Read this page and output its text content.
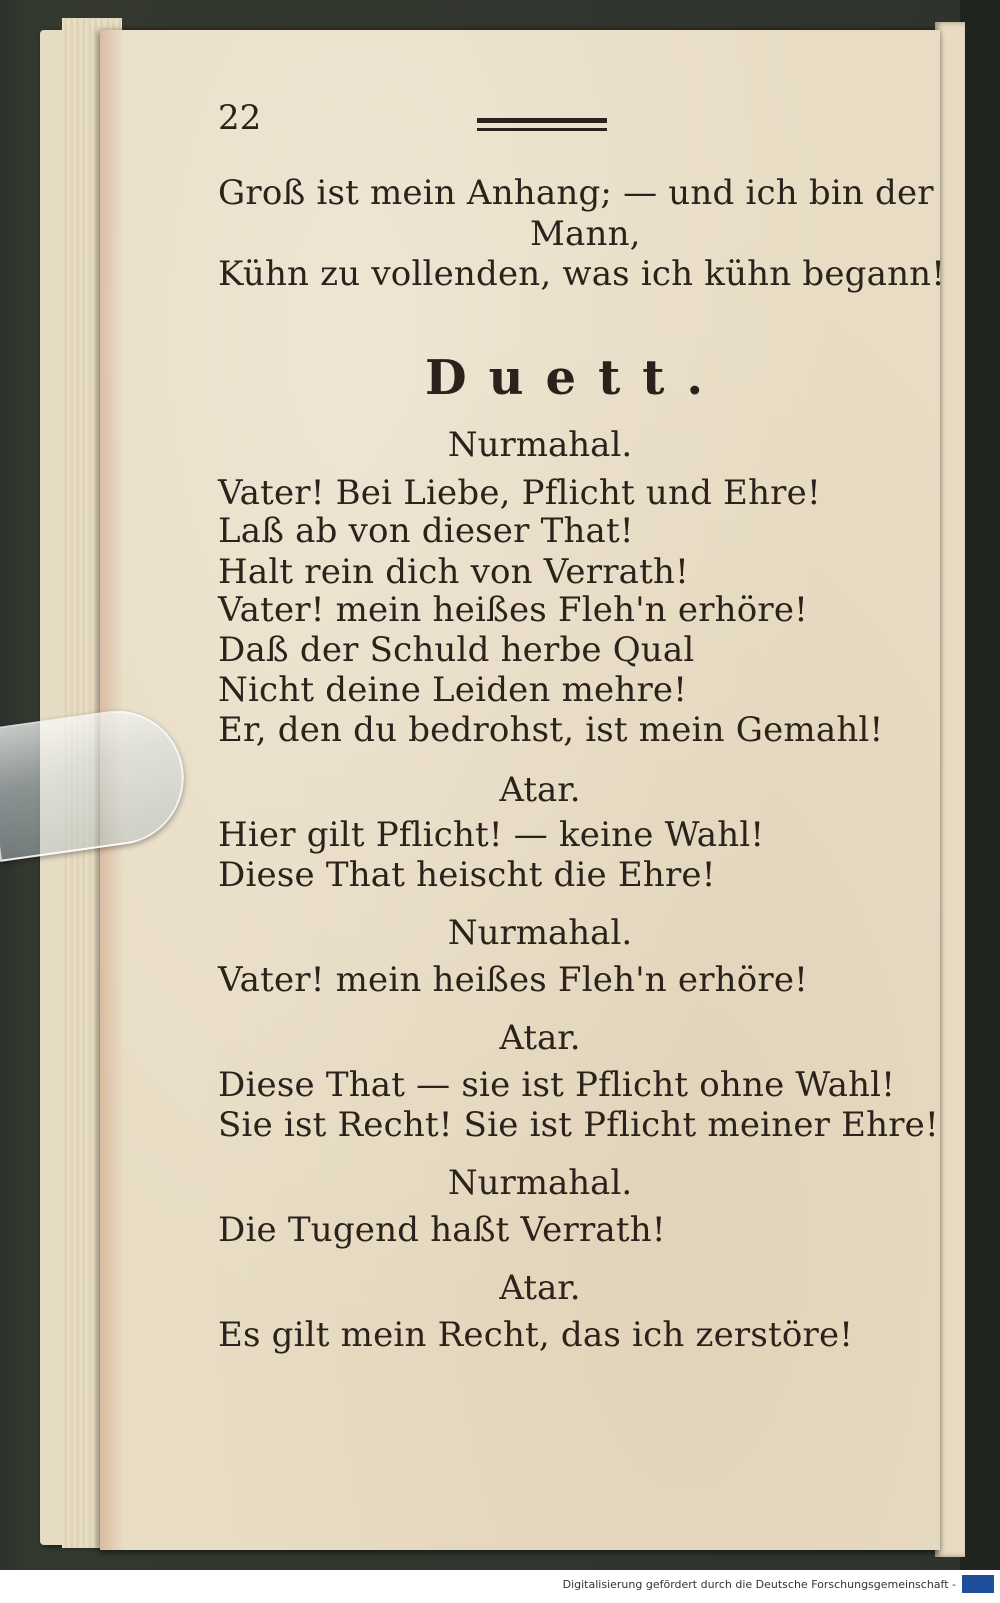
22
Groß ist mein Anhang; — und ich bin der
Mann,
Kühn zu vollenden, was ich kühn begann!
Duett.
Nurmahal.
Vater! Bei Liebe, Pflicht und Ehre!
Laß ab von dieser That!
Halt rein dich von Verrath!
Vater! mein heißes Fleh'n erhöre!
Daß der Schuld herbe Qual
Nicht deine Leiden mehre!
Er, den du bedrohst, ist mein Gemahl!
Atar.
Hier gilt Pflicht! — keine Wahl!
Diese That heischt die Ehre!
Nurmahal.
Vater! mein heißes Fleh'n erhöre!
Atar.
Diese That — sie ist Pflicht ohne Wahl!
Sie ist Recht! Sie ist Pflicht meiner Ehre!
Nurmahal.
Die Tugend haßt Verrath!
Atar.
Es gilt mein Recht, das ich zerstöre!
Digitalisierung gefördert durch die Deutsche Forschungsgemeinschaft -
